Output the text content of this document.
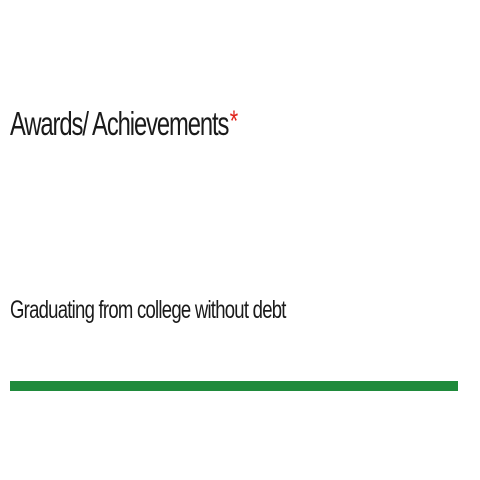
Awards/ Achievements*
Graduating from college without debt
